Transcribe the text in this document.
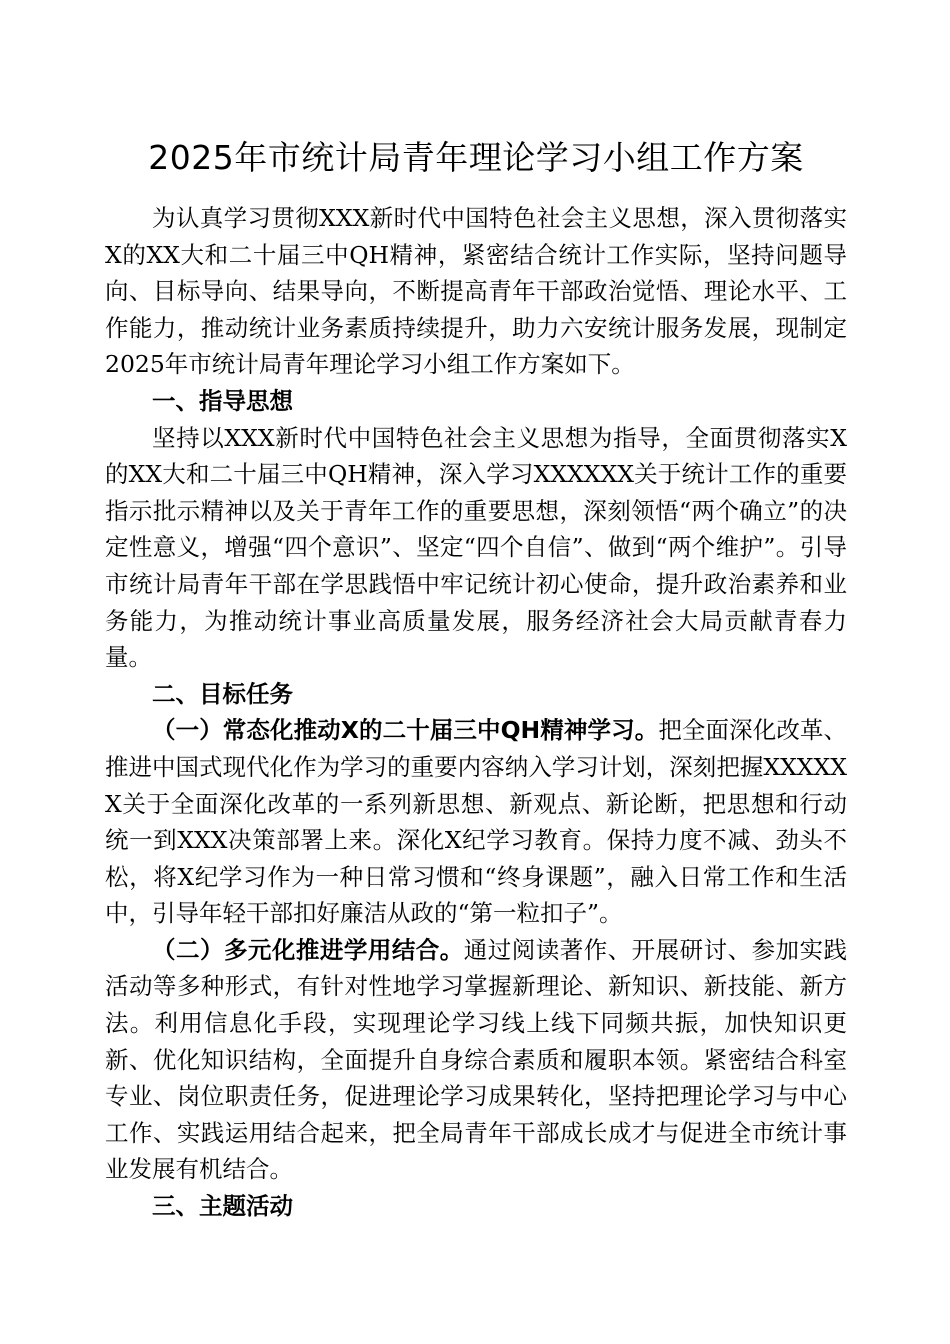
2025年市统计局青年理论学习小组工作方案

为认真学习贯彻XXX新时代中国特色社会主义思想，深入贯彻落实X的XX大和二十届三中QH精神，紧密结合统计工作实际，坚持问题导向、目标导向、结果导向，不断提高青年干部政治觉悟、理论水平、工作能力，推动统计业务素质持续提升，助力六安统计服务发展，现制定2025年市统计局青年理论学习小组工作方案如下。

一、指导思想

坚持以XXX新时代中国特色社会主义思想为指导，全面贯彻落实X的XX大和二十届三中QH精神，深入学习XXXXXX关于统计工作的重要指示批示精神以及关于青年工作的重要思想，深刻领悟“两个确立”的决定性意义，增强“四个意识”、坚定“四个自信”、做到“两个维护”。引导市统计局青年干部在学思践悟中牢记统计初心使命，提升政治素养和业务能力，为推动统计事业高质量发展，服务经济社会大局贡献青春力量。

二、目标任务

（一）常态化推动X的二十届三中QH精神学习。把全面深化改革、推进中国式现代化作为学习的重要内容纳入学习计划，深刻把握XXXXXX关于全面深化改革的一系列新思想、新观点、新论断，把思想和行动统一到XXX决策部署上来。深化X纪学习教育。保持力度不减、劲头不松，将X纪学习作为一种日常习惯和“终身课题”，融入日常工作和生活中，引导年轻干部扣好廉洁从政的“第一粒扣子”。

（二）多元化推进学用结合。通过阅读著作、开展研讨、参加实践活动等多种形式，有针对性地学习掌握新理论、新知识、新技能、新方法。利用信息化手段，实现理论学习线上线下同频共振，加快知识更新、优化知识结构，全面提升自身综合素质和履职本领。紧密结合科室专业、岗位职责任务，促进理论学习成果转化，坚持把理论学习与中心工作、实践运用结合起来，把全局青年干部成长成才与促进全市统计事业发展有机结合。

三、主题活动
